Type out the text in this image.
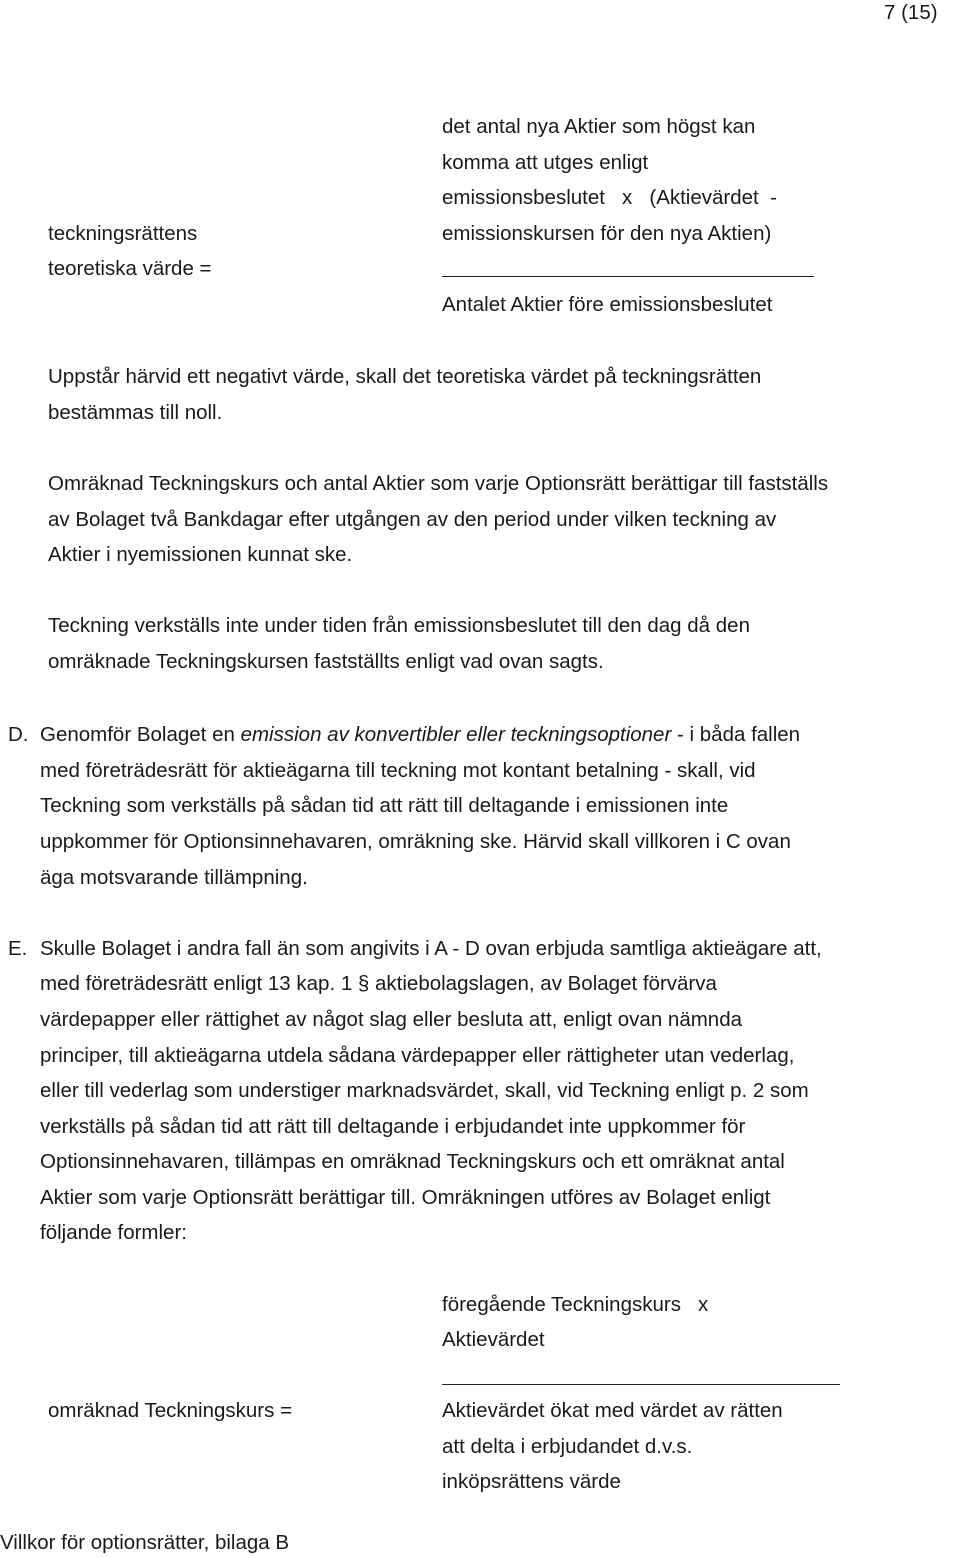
7 (15)
teckningsrättens
teoretiska värde =
det antal nya Aktier som högst kan
komma att utges enligt
emissionsbeslutet   x   (Aktievärdet  -
emissionskursen för den nya Aktien)
Antalet Aktier före emissionsbeslutet
Uppstår härvid ett negativt värde, skall det teoretiska värdet på teckningsrätten
bestämmas till noll.
Omräknad Teckningskurs och antal Aktier som varje Optionsrätt berättigar till fastställs
av Bolaget två Bankdagar efter utgången av den period under vilken teckning av
Aktier i nyemissionen kunnat ske.
Teckning verkställs inte under tiden från emissionsbeslutet till den dag då den
omräknade Teckningskursen fastställts enligt vad ovan sagts.
D. Genomför Bolaget en emission av konvertibler eller teckningsoptioner - i båda fallen
med företrädesrätt för aktieägarna till teckning mot kontant betalning - skall, vid
Teckning som verkställs på sådan tid att rätt till deltagande i emissionen inte
uppkommer för Optionsinnehavaren, omräkning ske. Härvid skall villkoren i C ovan
äga motsvarande tillämpning.
E. Skulle Bolaget i andra fall än som angivits i A - D ovan erbjuda samtliga aktieägare att,
med företrädesrätt enligt 13 kap. 1 § aktiebolagslagen, av Bolaget förvärva
värdepapper eller rättighet av något slag eller besluta att, enligt ovan nämnda
principer, till aktieägarna utdela sådana värdepapper eller rättigheter utan vederlag,
eller till vederlag som understiger marknadsvärdet, skall, vid Teckning enligt p. 2 som
verkställs på sådan tid att rätt till deltagande i erbjudandet inte uppkommer för
Optionsinnehavaren, tillämpas en omräknad Teckningskurs och ett omräknat antal
Aktier som varje Optionsrätt berättigar till. Omräkningen utföres av Bolaget enligt
följande formler:
föregående Teckningskurs   x
Aktievärdet
omräknad Teckningskurs =	Aktievärdet ökat med värdet av rätten
att delta i erbjudandet d.v.s.
inköpsrättens värde
Villkor för optionsrätter, bilaga B
